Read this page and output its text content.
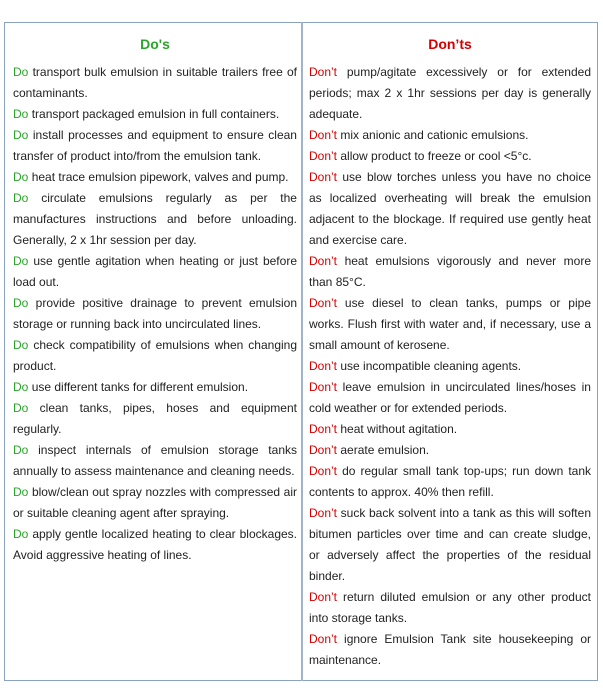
Do's

Do transport bulk emulsion in suitable trailers free of contaminants.

Do transport packaged emulsion in full containers.

Do install processes and equipment to ensure clean transfer of product into/from the emulsion tank.

Do heat trace emulsion pipework, valves and pump.

Do circulate emulsions regularly as per the manufactures instructions and before unloading. Generally, 2 x 1hr session per day.

Do use gentle agitation when heating or just before load out.

Do provide positive drainage to prevent emulsion storage or running back into uncirculated lines.

Do check compatibility of emulsions when changing product.

Do use different tanks for different emulsion.

Do clean tanks, pipes, hoses and equipment regularly.

Do inspect internals of emulsion storage tanks annually to assess maintenance and cleaning needs.

Do blow/clean out spray nozzles with compressed air or suitable cleaning agent after spraying.

Do apply gentle localized heating to clear blockages. Avoid aggressive heating of lines.

Don’ts

Don’t pump/agitate excessively or for extended periods; max 2 x 1hr sessions per day is generally adequate.

Don’t mix anionic and cationic emulsions.

Don’t allow product to freeze or cool <5°c.

Don’t use blow torches unless you have no choice as localized overheating will break the emulsion adjacent to the blockage. If required use gently heat and exercise care.

Don’t heat emulsions vigorously and never more than 85°C.

Don’t use diesel to clean tanks, pumps or pipe works. Flush first with water and, if necessary, use a small amount of kerosene.

Don’t use incompatible cleaning agents.

Don’t leave emulsion in uncirculated lines/hoses in cold weather or for extended periods.

Don’t heat without agitation.

Don’t aerate emulsion.

Don’t do regular small tank top-ups; run down tank contents to approx. 40% then refill.

Don’t suck back solvent into a tank as this will soften bitumen particles over time and can create sludge, or adversely affect the properties of the residual binder.

Don’t return diluted emulsion or any other product into storage tanks.

Don’t ignore Emulsion Tank site housekeeping or maintenance.
